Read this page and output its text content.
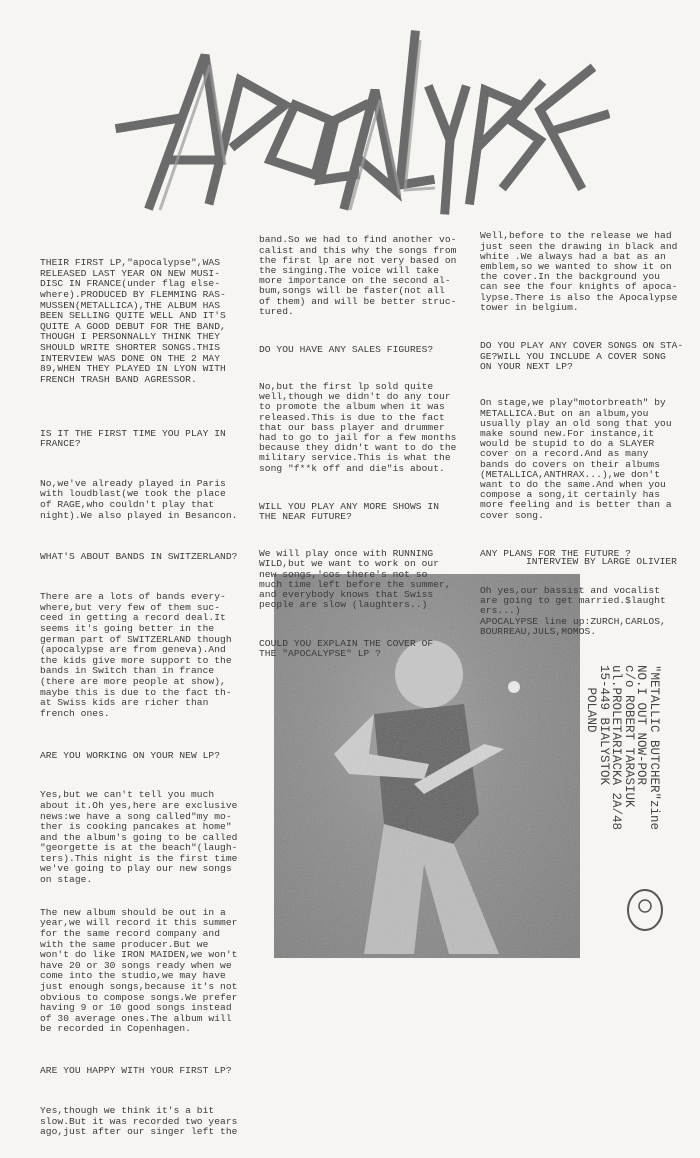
THEIR FIRST LP,"apocalypse",WAS
RELEASED LAST YEAR ON NEW MUSI-
DISC IN FRANCE(under flag else-
where).PRODUCED BY FLEMMING RAS-
MUSSEN(METALLICA),THE ALBUM HAS
BEEN SELLING QUITE WELL AND IT'S
QUITE A GOOD DEBUT FOR THE BAND,
THOUGH I PERSONNALLY THINK THEY
SHOULD WRITE SHORTER SONGS.THIS
INTERVIEW WAS DONE ON THE 2 MAY
89,WHEN THEY PLAYED IN LYON WITH
FRENCH TRASH BAND AGRESSOR.

IS IT THE FIRST TIME YOU PLAY IN
FRANCE?

No,we've already played in Paris
with loudblast(we took the place
of RAGE,who couldn't play that
night).We also played in Besancon.

WHAT'S ABOUT BANDS IN SWITZERLAND?

There are a lots of bands every-
where,but very few of them suc-
ceed in getting a record deal.It
seems it's going better in the
german part of SWITZERLAND though
(apocalypse are from geneva).And
the kids give more support to the
bands in Switch than in france
(there are more people at show),
maybe this is due to the fact th-
at Swiss kids are richer than
french ones.

ARE YOU WORKING ON YOUR NEW LP?

Yes,but we can't tell you much
about it.Oh yes,here are exclusive
news:we have a song called"my mo-
ther is cooking pancakes at home"
and the album's going to be called
"georgette is at the beach"(laugh-
ters).This night is the first time
we've going to play our new songs
on stage.

The new album should be out in a
year,we will record it this summer
for the same record company and
with the same producer.But we
won't do like IRON MAIDEN,we won't
have 20 or 30 songs ready when we
come into the studio,we may have
just enough songs,because it's not
obvious to compose songs.We prefer
having 9 or 10 good songs instead
of 30 average ones.The album will
be recorded in Copenhagen.

ARE YOU HAPPY WITH YOUR FIRST LP?

Yes,though we think it's a bit
slow.But it was recorded two years
ago,just after our singer left the

band.So we had to find another vo-
calist and this why the songs from
the first lp are not very based on
the singing.The voice will take
more importance on the second al-
bum,songs will be faster(not all
of them) and will be better struc-
tured.

DO YOU HAVE ANY SALES FIGURES?

No,but the first lp sold quite
well,though we didn't do any tour
to promote the album when it was
released.This is due to the fact
that our bass player and drummer
had to go to jail for a few months
because they didn't want to do the
military service.This is what the
song "f**k off and die"is about.

WILL YOU PLAY ANY MORE SHOWS IN
THE NEAR FUTURE?

We will play once with RUNNING
WILD,but we want to work on our
new songs,'cos there's not so
much time left before the summer,
and everybody knows that Swiss
people are slow (laughters..)

COULD YOU EXPLAIN THE COVER OF
THE "APOCALYPSE" LP ?

Well,before to the release we had
just seen the drawing in black and
white .We always had a bat as an
emblem,so we wanted to show it on
the cover.In the background you
can see the four knights of apoca-
lypse.There is also the Apocalypse
tower in belgium.

DO YOU PLAY ANY COVER SONGS ON STA-
GE?WILL YOU INCLUDE A COVER SONG
ON YOUR NEXT LP?

On stage,we play"motorbreath" by
METALLICA.But on an album,you
usually play an old song that you
make sound new.For instance,it
would be stupid to do a SLAYER
cover on a record.And as many
bands do covers on their albums
(METALLICA,ANTHRAX...),we don't
want to do the same.And when you
compose a song,it certainly has
more feeling and is better than a
cover song.

ANY PLANS FOR THE FUTURE ?

Oh yes,our bassist and vocalist
are going to get married.$laught
ers...)
APOCALYPSE line up:ZURCH,CARLOS,
BOURREAU,JULS,MOMOS.

INTERVIEW BY LARGE OLIVIER
"METALLIC BUTCHER"zine
NO.I OUT NOW-POR
c/o ROBERT TARASIUK
ul.PROLETARIACKA 2A/48
15-449 BIALYSTOK
POLAND
